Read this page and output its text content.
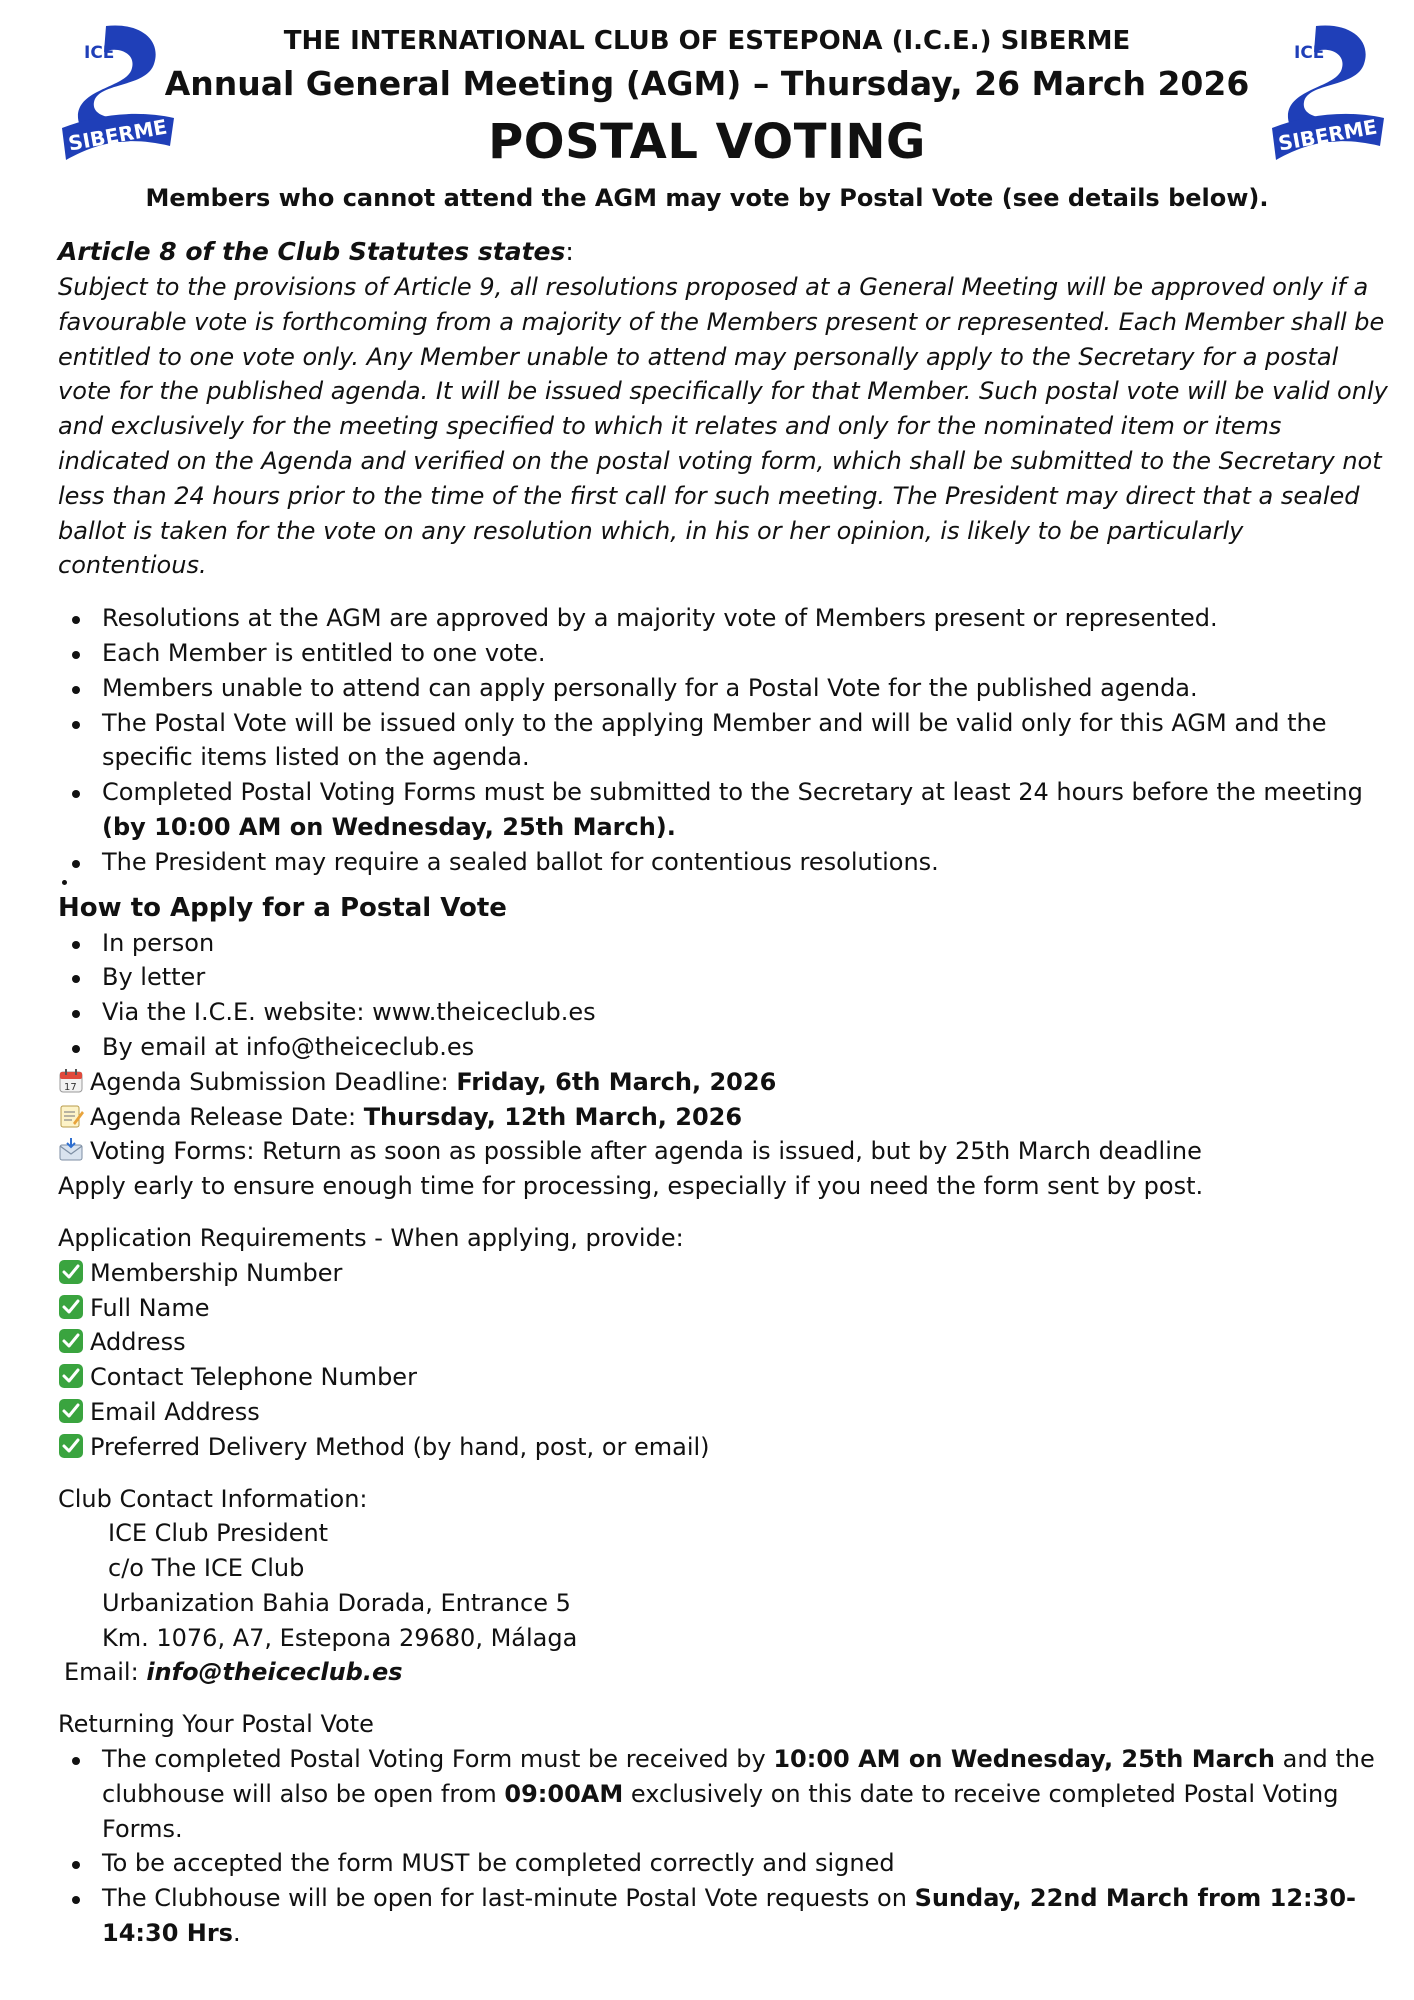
ICE
SIBERME
ICE
SIBERME
THE INTERNATIONAL CLUB OF ESTEPONA (I.C.E.) SIBERME
Annual General Meeting (AGM) – Thursday, 26 March 2026
POSTAL VOTING
Members who cannot attend the AGM may vote by Postal Vote (see details below).
Article 8 of the Club Statutes states:

Subject to the provisions of Article 9, all resolutions proposed at a General Meeting will be approved only if a favourable vote is forthcoming from a majority of the Members present or represented. Each Member shall be entitled to one vote only. Any Member unable to attend may personally apply to the Secretary for a postal vote for the published agenda. It will be issued specifically for that Member. Such postal vote will be valid only and exclusively for the meeting specified to which it relates and only for the nominated item or items indicated on the Agenda and verified on the postal voting form, which shall be submitted to the Secretary not less than 24 hours prior to the time of the first call for such meeting. The President may direct that a sealed ballot is taken for the vote on any resolution which, in his or her opinion, is likely to be particularly contentious.

Resolutions at the AGM are approved by a majority vote of Members present or represented.
Each Member is entitled to one vote.
Members unable to attend can apply personally for a Postal Vote for the published agenda.
The Postal Vote will be issued only to the applying Member and will be valid only for this AGM and the specific items listed on the agenda.
Completed Postal Voting Forms must be submitted to the Secretary at least 24 hours before the meeting (by 10:00 AM on Wednesday, 25th March).
The President may require a sealed ballot for contentious resolutions.
How to Apply for a Postal Vote
In person
By letter
Via the I.C.E. website: www.theiceclub.es
By email at info@theiceclub.es
17 Agenda Submission Deadline: Friday, 6th March, 2026
Agenda Release Date: Thursday, 12th March, 2026
Voting Forms: Return as soon as possible after agenda is issued, but by 25th March deadline
Apply early to ensure enough time for processing, especially if you need the form sent by post.
Application Requirements - When applying, provide:
Membership Number
Full Name
Address
Contact Telephone Number
Email Address
Preferred Delivery Method (by hand, post, or email)
Club Contact Information:
ICE Club President
c/o The ICE Club
Urbanization Bahia Dorada, Entrance 5
Km. 1076, A7, Estepona 29680, Málaga
Email: info@theiceclub.es
Returning Your Postal Vote
The completed Postal Voting Form must be received by 10:00 AM on Wednesday, 25th March and the clubhouse will also be open from 09:00AM exclusively on this date to receive completed Postal Voting Forms.
To be accepted the form MUST be completed correctly and signed
The Clubhouse will be open for last-minute Postal Vote requests on Sunday, 22nd March from 12:30-14:30 Hrs.
